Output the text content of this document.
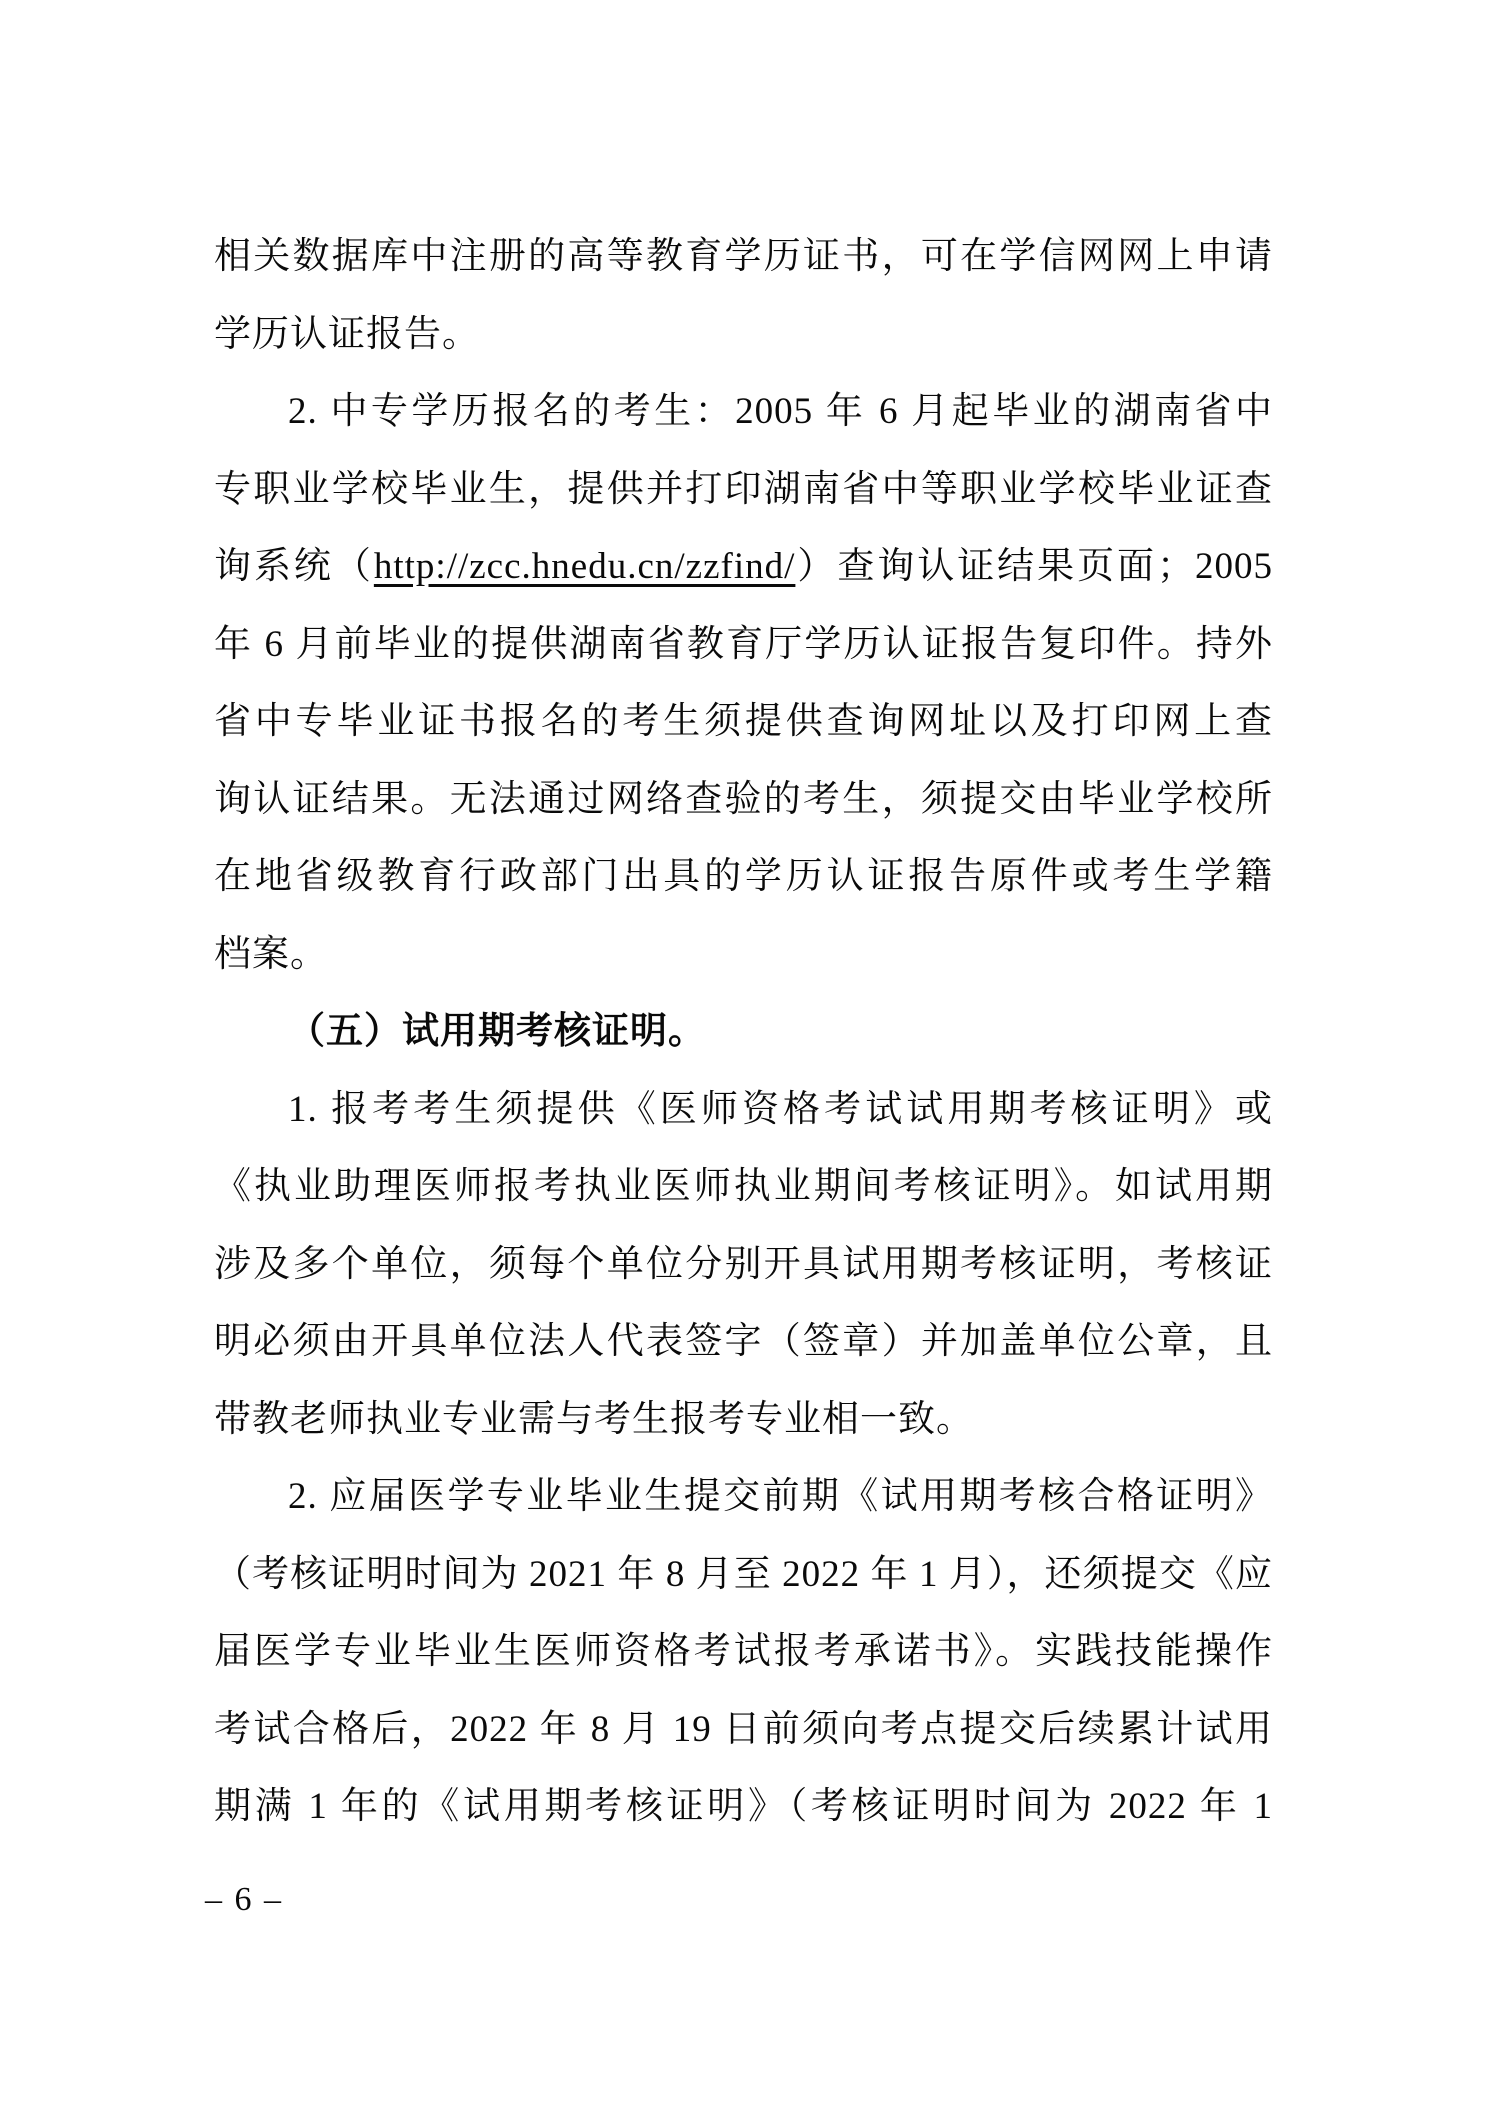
相关数据库中注册的高等教育学历证书，可在学信网网上申请
学历认证报告。
2. 中专学历报名的考生：2005 年 6 月起毕业的湖南省中
专职业学校毕业生，提供并打印湖南省中等职业学校毕业证查
询系统（http://zcc.hnedu.cn/zzfind/）查询认证结果页面；2005
年 6 月前毕业的提供湖南省教育厅学历认证报告复印件。持外
省中专毕业证书报名的考生须提供查询网址以及打印网上查
询认证结果。无法通过网络查验的考生，须提交由毕业学校所
在地省级教育行政部门出具的学历认证报告原件或考生学籍
档案。
（五）试用期考核证明。
1. 报考考生须提供《医师资格考试试用期考核证明》或
《执业助理医师报考执业医师执业期间考核证明》。如试用期
涉及多个单位，须每个单位分别开具试用期考核证明，考核证
明必须由开具单位法人代表签字（签章）并加盖单位公章，且
带教老师执业专业需与考生报考专业相一致。
2. 应届医学专业毕业生提交前期《试用期考核合格证明》
（考核证明时间为 2021 年 8 月至 2022 年 1 月），还须提交《应
届医学专业毕业生医师资格考试报考承诺书》。实践技能操作
考试合格后，2022 年 8 月 19 日前须向考点提交后续累计试用
期满 1 年的《试用期考核证明》（考核证明时间为 2022 年 1
– 6 –
